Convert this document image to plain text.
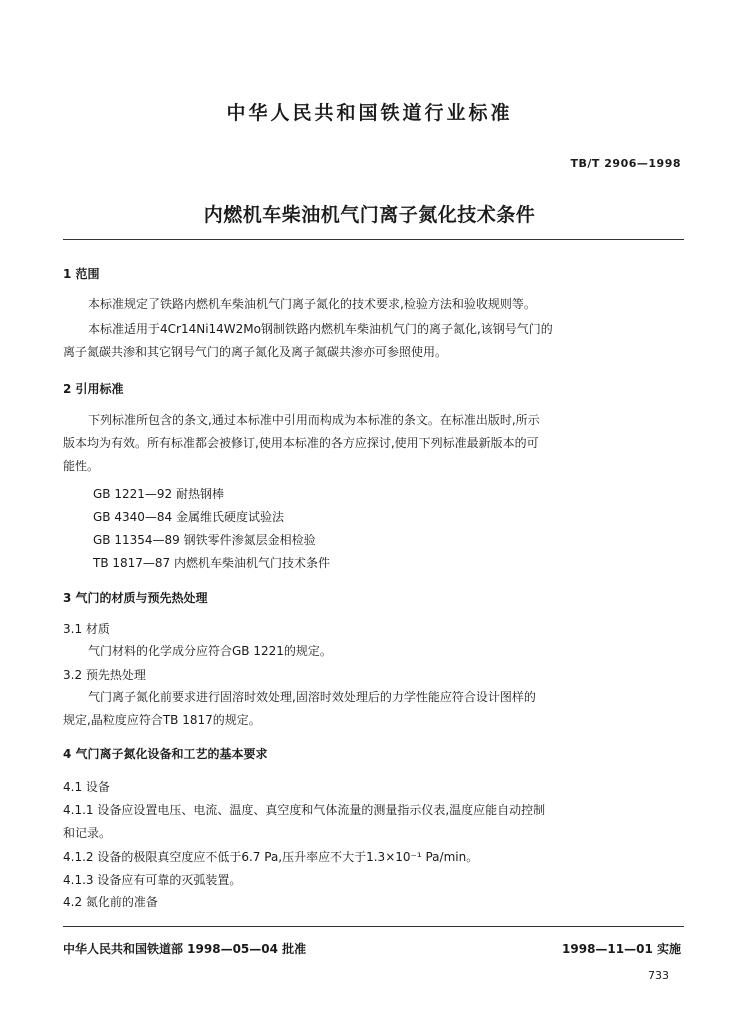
中华人民共和国铁道行业标准
TB/T 2906—1998
内燃机车柴油机气门离子氮化技术条件
1 范围
本标准规定了铁路内燃机车柴油机气门离子氮化的技术要求,检验方法和验收规则等。
本标准适用于4Cr14Ni14W2Mo钢制铁路内燃机车柴油机气门的离子氮化,该钢号气门的
离子氮碳共渗和其它钢号气门的离子氮化及离子氮碳共渗亦可参照使用。
2 引用标准
下列标准所包含的条文,通过本标准中引用而构成为本标准的条文。在标准出版时,所示
版本均为有效。所有标准都会被修订,使用本标准的各方应探讨,使用下列标准最新版本的可
能性。
GB 1221—92 耐热钢棒
GB 4340—84 金属维氏硬度试验法
GB 11354—89 钢铁零件渗氮层金相检验
TB 1817—87 内燃机车柴油机气门技术条件
3 气门的材质与预先热处理
3.1 材质
气门材料的化学成分应符合GB 1221的规定。
3.2 预先热处理
气门离子氮化前要求进行固溶时效处理,固溶时效处理后的力学性能应符合设计图样的
规定,晶粒度应符合TB 1817的规定。
4 气门离子氮化设备和工艺的基本要求
4.1 设备
4.1.1 设备应设置电压、电流、温度、真空度和气体流量的测量指示仪表,温度应能自动控制
和记录。
4.1.2 设备的极限真空度应不低于6.7 Pa,压升率应不大于1.3×10⁻¹ Pa/min。
4.1.3 设备应有可靠的灭弧装置。
4.2 氮化前的准备
中华人民共和国铁道部 1998—05—04 批准	1998—11—01 实施
733
